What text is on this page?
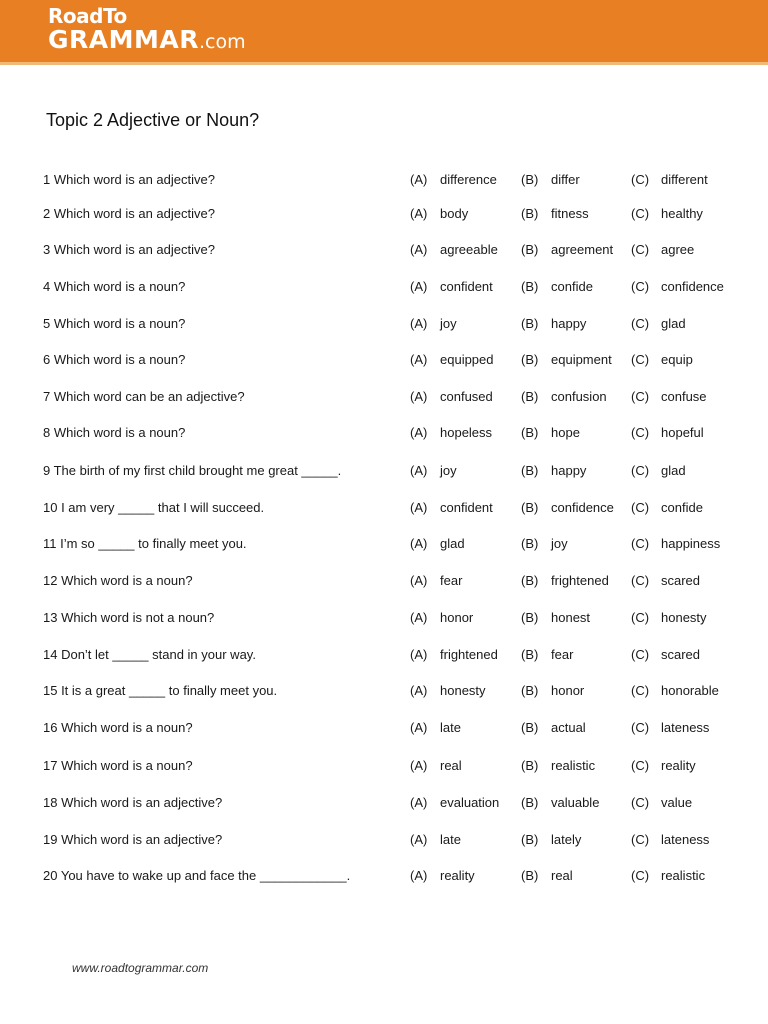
RoadTo
GRAMMAR.com
Topic 2 Adjective or Noun?
1 Which word is an adjective?	(A) difference (B) differ	(C) different
2 Which word is an adjective?	(A) body	(B) fitness	(C) healthy
3 Which word is an adjective?	(A) agreeable (B) agreement (C) agree
4 Which word is a noun?	(A) confident (B) confide	(C) confidence
5 Which word is a noun?	(A) joy	(B) happy	(C) glad
6 Which word is a noun?	(A) equipped (B) equipment (C) equip
7 Which word can be an adjective?	(A) confused (B) confusion (C) confuse
8 Which word is a noun?	(A) hopeless (B) hope	(C) hopeful
9 The birth of my first child brought me great _____.	(A) joy	(B) happy	(C) glad
10 I am very _____ that I will succeed.	(A) confident (B) confidence (C) confide
11 I’m so _____ to finally meet you.	(A) glad	(B) joy	(C) happiness
12 Which word is a noun?	(A) fear	(B) frightened (C) scared
13 Which word is not a noun?	(A) honor	(B) honest	(C) honesty
14 Don’t let _____ stand in your way.	(A) frightened (B) fear	(C) scared
15 It is a great _____ to finally meet you.	(A) honesty	(B) honor	(C) honorable
16 Which word is a noun?	(A) late	(B) actual	(C) lateness
17 Which word is a noun?	(A) real	(B) realistic	(C) reality
18 Which word is an adjective?	(A) evaluation (B) valuable (C) value
19 Which word is an adjective?	(A) late	(B) lately	(C) lateness
20 You have to wake up and face the ____________.	(A) reality	(B) real	(C) realistic
www.roadtogrammar.com
